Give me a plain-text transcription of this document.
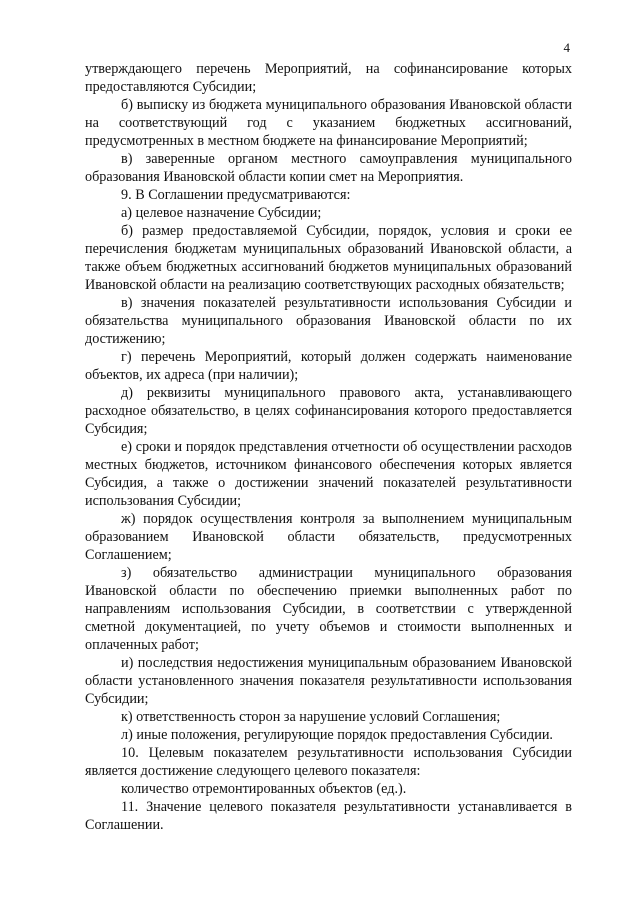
4

утверждающего перечень Мероприятий, на софинансирование которых предоставляются Субсидии;

б) выписку из бюджета муниципального образования Ивановской области на соответствующий год с указанием бюджетных ассигнований, предусмотренных в местном бюджете на финансирование Мероприятий;

в) заверенные органом местного самоуправления муниципального образования Ивановской области копии смет на Мероприятия.

9. В Соглашении предусматриваются:

а) целевое назначение Субсидии;

б) размер предоставляемой Субсидии, порядок, условия и сроки ее перечисления бюджетам муниципальных образований Ивановской области, а также объем бюджетных ассигнований бюджетов муниципальных образований Ивановской области на реализацию соответствующих расходных обязательств;

в) значения показателей результативности использования Субсидии и обязательства муниципального образования Ивановской области по их достижению;

г) перечень Мероприятий, который должен содержать наименование объектов, их адреса (при наличии);

д) реквизиты муниципального правового акта, устанавливающего расходное обязательство, в целях софинансирования которого предоставляется Субсидия;

е) сроки и порядок представления отчетности об осуществлении расходов местных бюджетов, источником финансового обеспечения которых является Субсидия, а также о достижении значений показателей результативности использования Субсидии;

ж) порядок осуществления контроля за выполнением муниципальным образованием Ивановской области обязательств, предусмотренных Соглашением;

з) обязательство администрации муниципального образования Ивановской области по обеспечению приемки выполненных работ по направлениям использования Субсидии, в соответствии с утвержденной сметной документацией, по учету объемов и стоимости выполненных и оплаченных работ;

и) последствия недостижения муниципальным образованием Ивановской области установленного значения показателя результативности использования Субсидии;

к) ответственность сторон за нарушение условий Соглашения;

л) иные положения, регулирующие порядок предоставления Субсидии.

10. Целевым показателем результативности использования Субсидии является достижение следующего целевого показателя:

количество отремонтированных объектов (ед.).

11. Значение целевого показателя результативности устанавливается в Соглашении.
